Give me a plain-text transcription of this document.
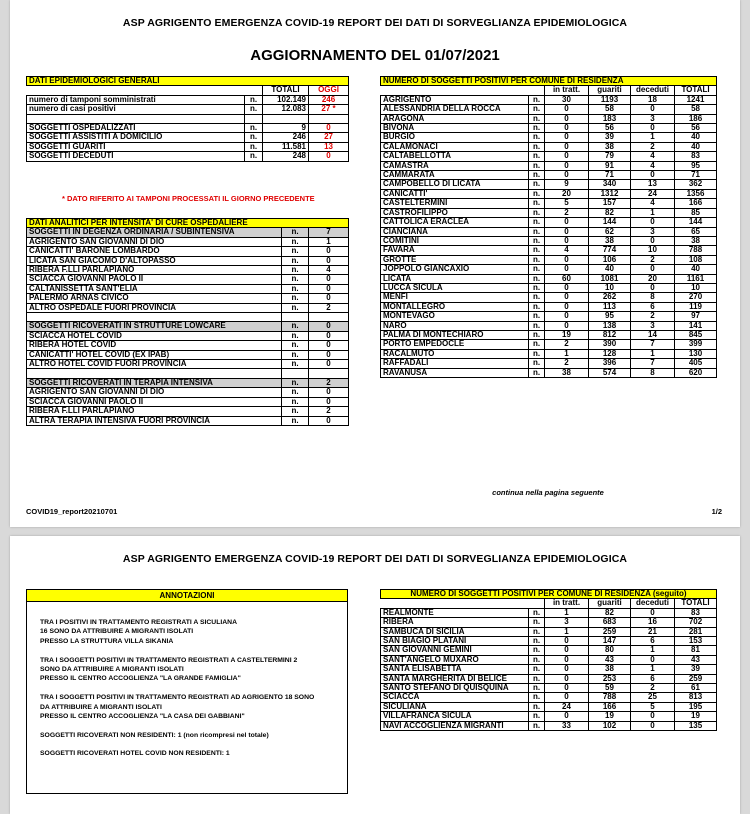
ASP AGRIGENTO EMERGENZA COVID-19 REPORT DEI DATI DI SORVEGLIANZA EPIDEMIOLOGICA
AGGIORNAMENTO DEL 01/07/2021
DATI EPIDEMIOLOGICI GENERALI			
		TOTALI	OGGI
numero di tamponi somministrati	n.	102.149	246
numero di casi positivi	n.	12.083	27 *

SOGGETTI OSPEDALIZZATI	n.	9	0
SOGGETTI ASSISTITI A DOMICILIO	n.	246	27
SOGGETTI GUARITI	n.	11.581	13
SOGGETTI DECEDUTI	n.	248	0
* DATO RIFERITO AI TAMPONI PROCESSATI IL GIORNO PRECEDENTE
DATI ANALITICI PER INTENSITA' DI CURE OSPEDALIERE		
SOGGETTI IN DEGENZA ORDINARIA / SUBINTENSIVA	n.	7
AGRIGENTO SAN GIOVANNI DI DIO	n.	1
CANICATTI' BARONE LOMBARDO	n.	0
LICATA SAN GIACOMO D'ALTOPASSO	n.	0
RIBERA F.LLI PARLAPIANO	n.	4
SCIACCA GIOVANNI PAOLO II	n.	0
CALTANISSETTA SANT'ELIA	n.	0
PALERMO ARNAS CIVICO	n.	0
ALTRO OSPEDALE FUORI PROVINCIA	n.	2

SOGGETTI RICOVERATI IN STRUTTURE LOWCARE	n.	0
SCIACCA HOTEL COVID	n.	0
RIBERA HOTEL COVID	n.	0
CANICATTI' HOTEL COVID (EX IPAB)	n.	0
ALTRO HOTEL COVID FUORI PROVINCIA	n.	0

SOGGETTI RICOVERATI IN TERAPIA INTENSIVA	n.	2
AGRIGENTO SAN GIOVANNI DI DIO	n.	0
SCIACCA GIOVANNI PAOLO II	n.	0
RIBERA F.LLI PARLAPIANO	n.	2
ALTRA TERAPIA INTENSIVA FUORI PROVINCIA	n.	0
NUMERO DI SOGGETTI POSITIVI PER COMUNE DI RESIDENZA					
		in tratt.	guariti	deceduti	TOTALI
AGRIGENTO	n.	30	1193	18	1241
ALESSANDRIA DELLA ROCCA	n.	0	58	0	58
ARAGONA	n.	0	183	3	186
BIVONA	n.	0	56	0	56
BURGIO	n.	0	39	1	40
CALAMONACI	n.	0	38	2	40
CALTABELLOTTA	n.	0	79	4	83
CAMASTRA	n.	0	91	4	95
CAMMARATA	n.	0	71	0	71
CAMPOBELLO DI LICATA	n.	9	340	13	362
CANICATTI'	n.	20	1312	24	1356
CASTELTERMINI	n.	5	157	4	166
CASTROFILIPPO	n.	2	82	1	85
CATTOLICA ERACLEA	n.	0	144	0	144
CIANCIANA	n.	0	62	3	65
COMITINI	n.	0	38	0	38
FAVARA	n.	4	774	10	788
GROTTE	n.	0	106	2	108
JOPPOLO GIANCAXIO	n.	0	40	0	40
LICATA	n.	60	1081	20	1161
LUCCA SICULA	n.	0	10	0	10
MENFI	n.	0	262	8	270
MONTALLEGRO	n.	0	113	6	119
MONTEVAGO	n.	0	95	2	97
NARO	n.	0	138	3	141
PALMA DI MONTECHIARO	n.	19	812	14	845
PORTO EMPEDOCLE	n.	2	390	7	399
RACALMUTO	n.	1	128	1	130
RAFFADALI	n.	2	396	7	405
RAVANUSA	n.	38	574	8	620
continua nella pagina seguente
COVID19_report20210701	1/2
ASP AGRIGENTO EMERGENZA COVID-19 REPORT DEI DATI DI SORVEGLIANZA EPIDEMIOLOGICA
ANNOTAZIONI
TRA I POSITIVI IN TRATTAMENTO REGISTRATI A SICULIANA
16 SONO DA ATTRIBUIRE A MIGRANTI ISOLATI
PRESSO LA STRUTTURA VILLA SIKANIA
TRA I SOGGETTI POSITIVI IN TRATTAMENTO REGISTRATI A CASTELTERMINI 2
SONO DA ATTRIBUIRE A MIGRANTI ISOLATI
PRESSO IL CENTRO ACCOGLIENZA "LA GRANDE FAMIGLIA"
TRA I SOGGETTI POSITIVI IN TRATTAMENTO REGISTRATI AD AGRIGENTO 18 SONO
DA ATTRIBUIRE A MIGRANTI ISOLATI
PRESSO IL CENTRO ACCOGLIENZA "LA CASA DEI GABBIANI"
SOGGETTI RICOVERATI NON RESIDENTI: 1 (non ricompresi nel totale)
SOGGETTI RICOVERATI HOTEL COVID NON RESIDENTI: 1
NUMERO DI SOGGETTI POSITIVI PER COMUNE DI RESIDENZA (seguito)					
		in tratt.	guariti	deceduti	TOTALI
REALMONTE	n.	1	82	0	83
RIBERA	n.	3	683	16	702
SAMBUCA DI SICILIA	n.	1	259	21	281
SAN BIAGIO PLATANI	n.	0	147	6	153
SAN GIOVANNI GEMINI	n.	0	80	1	81
SANT'ANGELO MUXARO	n.	0	43	0	43
SANTA ELISABETTA	n.	0	38	1	39
SANTA MARGHERITA DI BELICE	n.	0	253	6	259
SANTO STEFANO DI QUISQUINA	n.	0	59	2	61
SCIACCA	n.	0	788	25	813
SICULIANA	n.	24	166	5	195
VILLAFRANCA SICULA	n.	0	19	0	19
NAVI ACCOGLIENZA MIGRANTI	n.	33	102	0	135
